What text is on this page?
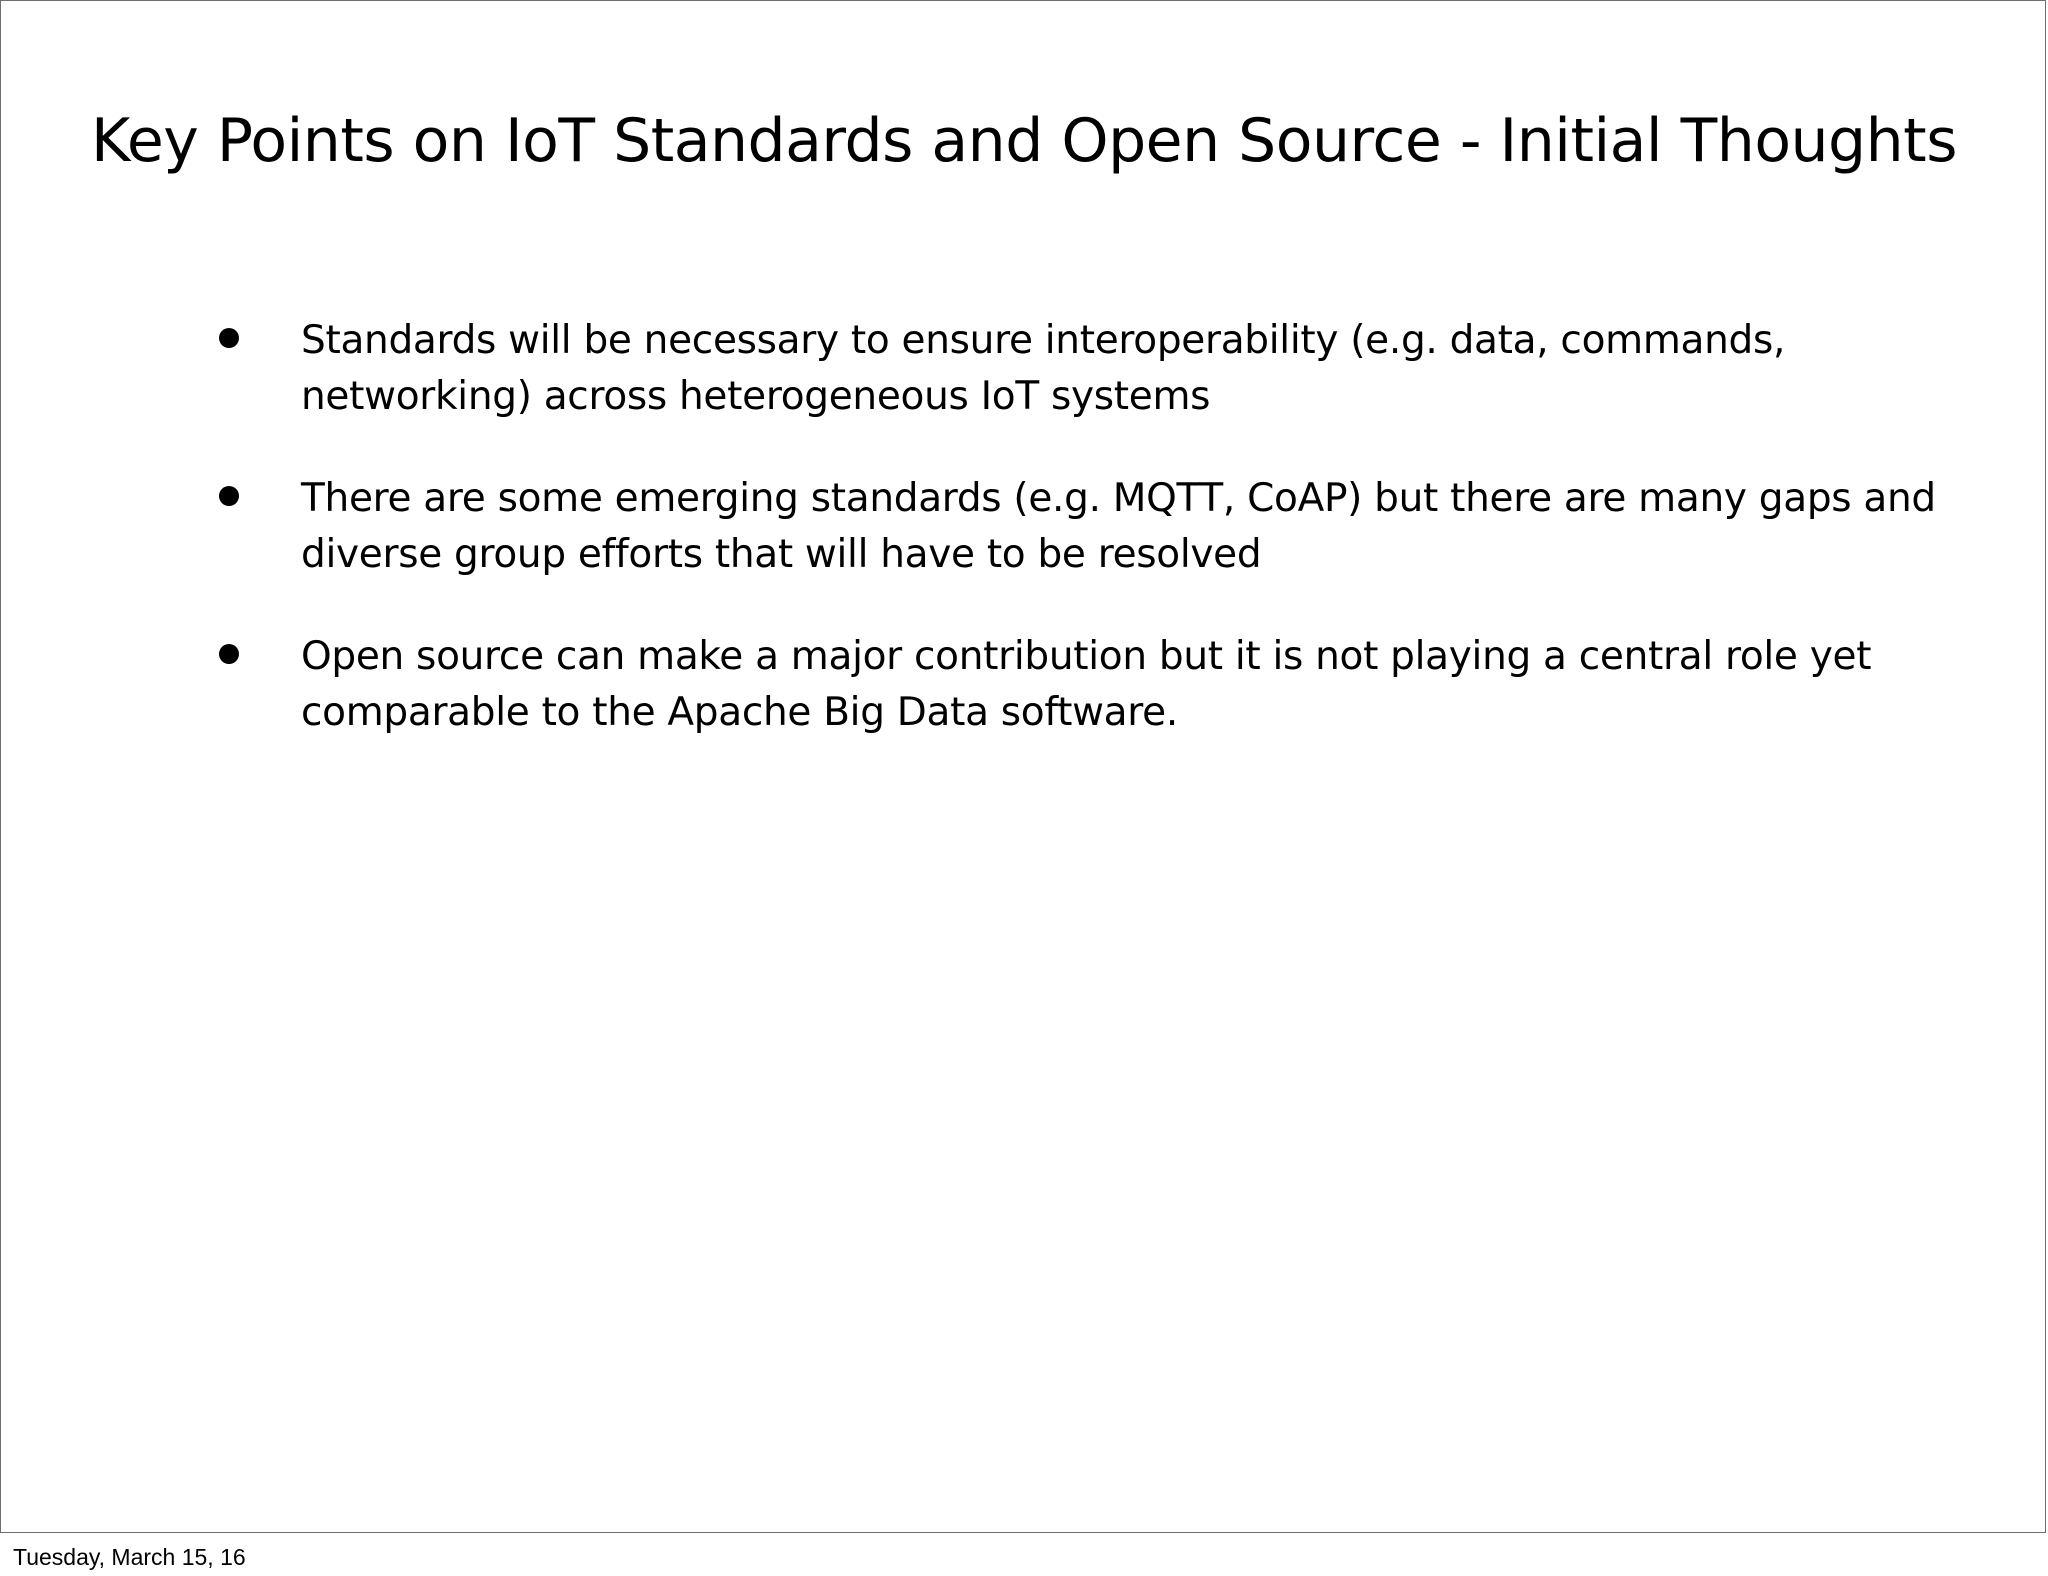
Key Points on IoT Standards and Open Source - Initial Thoughts
Standards will be necessary to ensure interoperability (e.g. data, commands,
networking) across heterogeneous IoT systems
There are some emerging standards (e.g. MQTT, CoAP) but there are many gaps and
diverse group efforts that will have to be resolved
Open source can make a major contribution but it is not playing a central role yet
comparable to the Apache Big Data software.
Tuesday, March 15, 16
